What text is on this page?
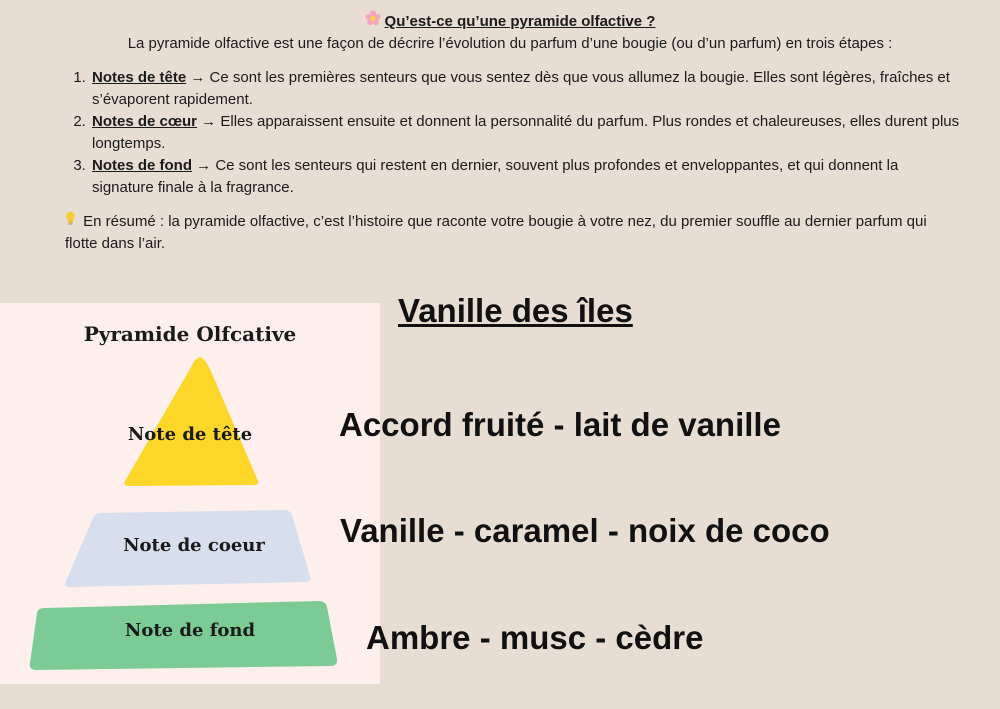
Qu’est-ce qu’une pyramide olfactive ?
La pyramide olfactive est une façon de décrire l’évolution du parfum d’une bougie (ou d’un parfum) en trois étapes :
1. Notes de tête → Ce sont les premières senteurs que vous sentez dès que vous allumez la bougie. Elles sont légères, fraîches et s’évaporent rapidement.
2. Notes de cœur → Elles apparaissent ensuite et donnent la personnalité du parfum. Plus rondes et chaleureuses, elles durent plus longtemps.
3. Notes de fond → Ce sont les senteurs qui restent en dernier, souvent plus profondes et enveloppantes, et qui donnent la signature finale à la fragrance.
En résumé : la pyramide olfactive, c’est l’histoire que raconte votre bougie à votre nez, du premier souffle au dernier parfum qui flotte dans l’air.
Pyramide Olfcative
Note de tête
Note de coeur
Note de fond
Vanille des îles
Accord fruité - lait de vanille
Vanille - caramel - noix de coco
Ambre - musc - cèdre
